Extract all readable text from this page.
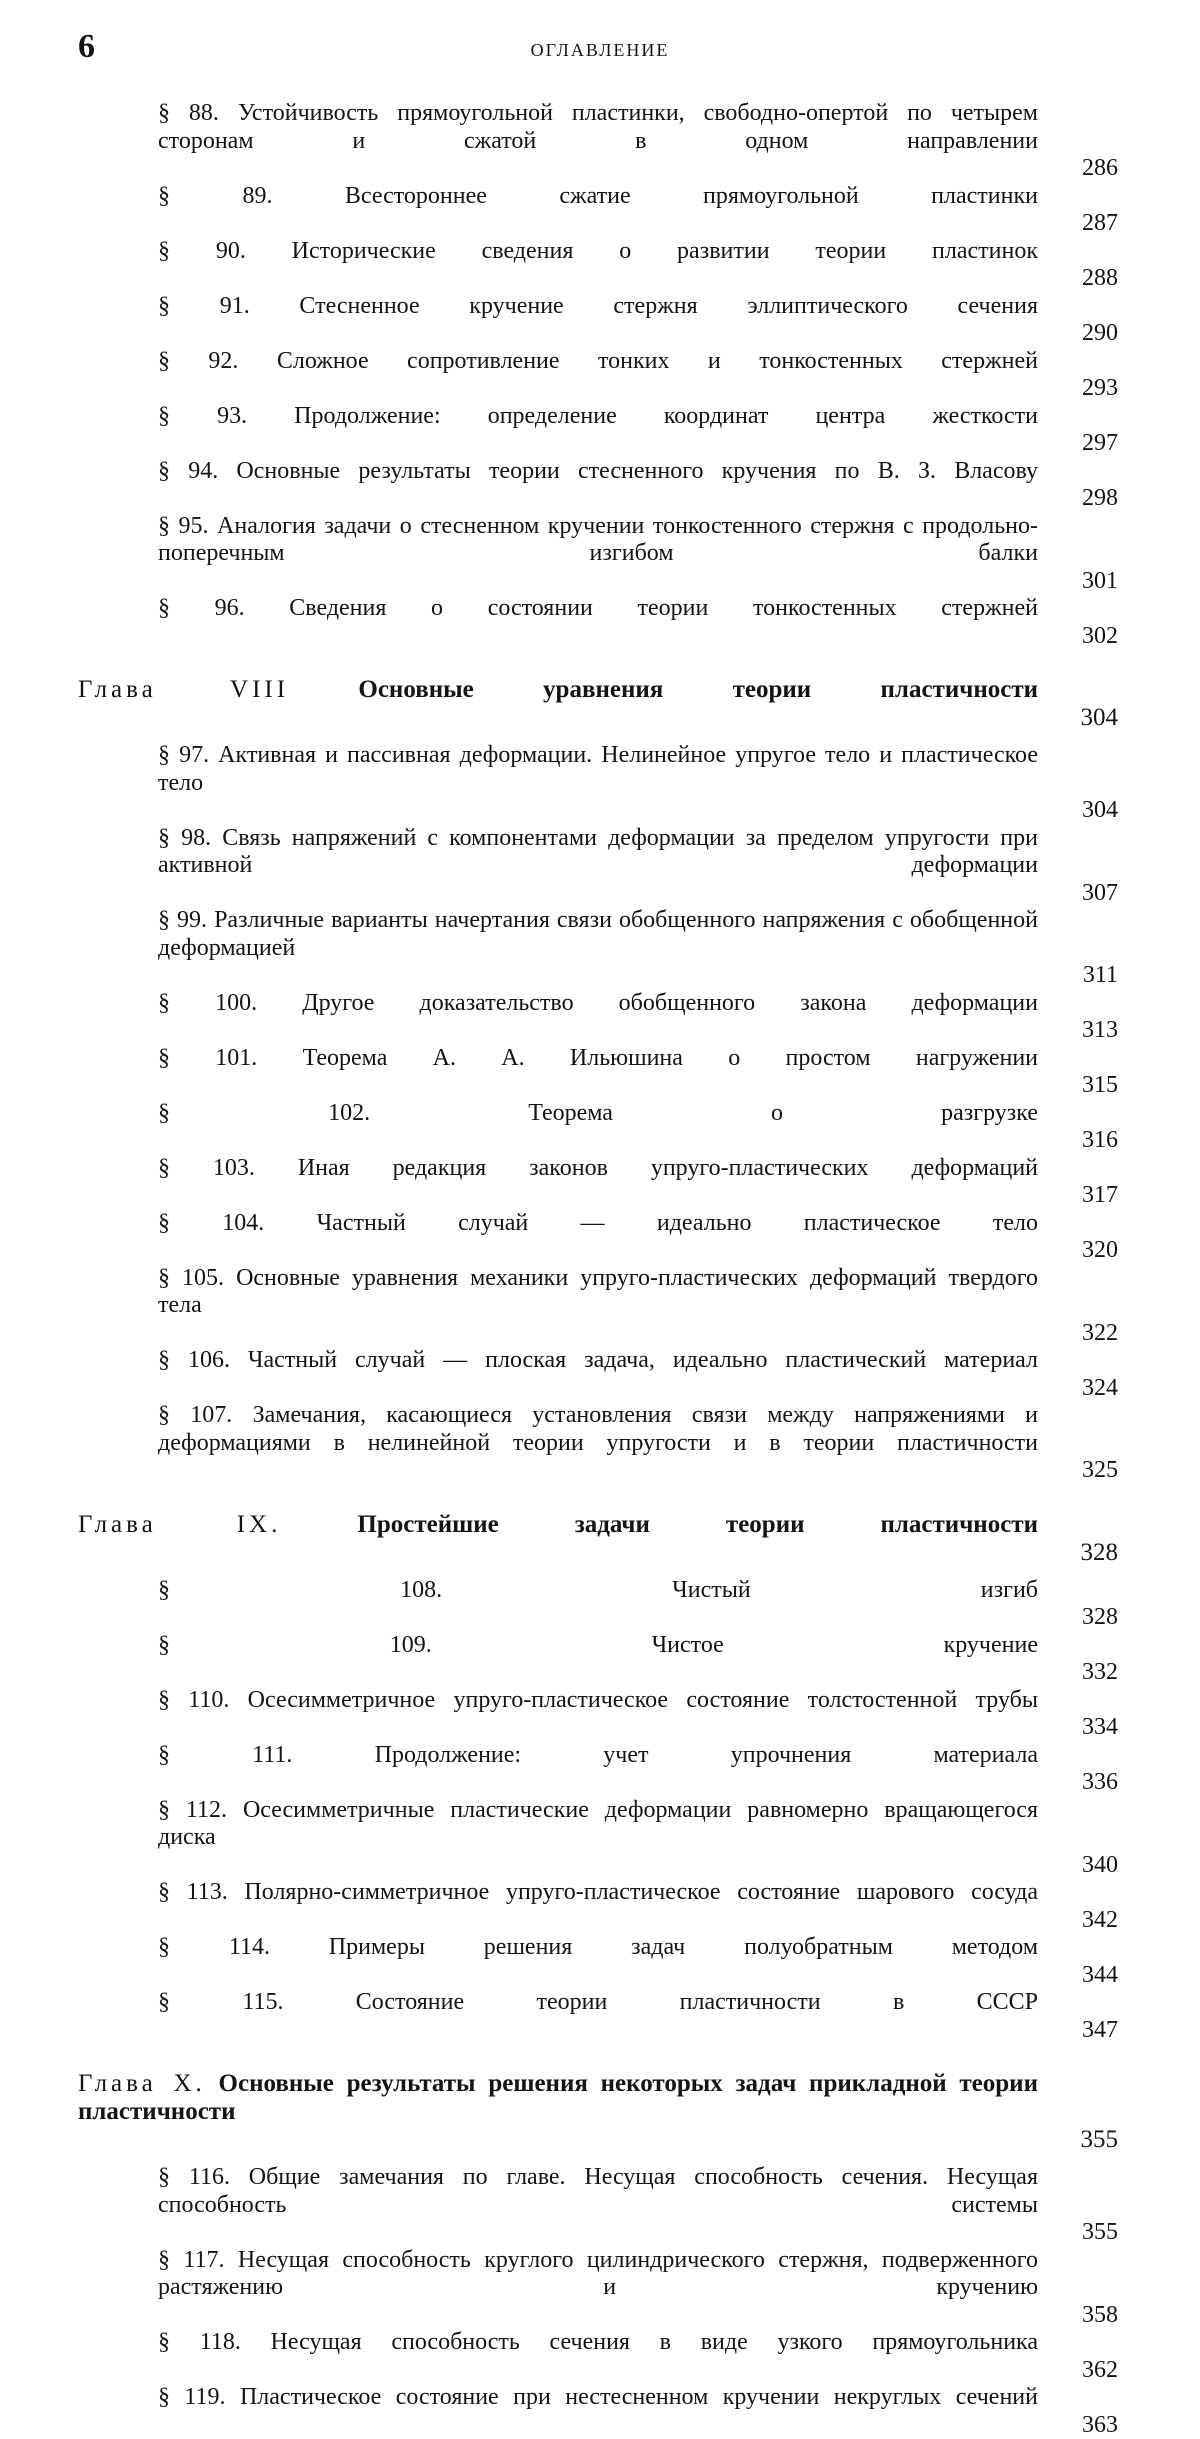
6	ОГЛАВЛЕНИЕ
§ 88. Устойчивость прямоугольной пластинки, свободно-опертой по четырем сторонам и сжатой в одном направлении
286
§ 89. Всестороннее сжатие прямоугольной пластинки
287
§ 90. Исторические сведения о развитии теории пластинок
288
§ 91. Стесненное кручение стержня эллиптического сечения
290
§ 92. Сложное сопротивление тонких и тонкостенных стержней
293
§ 93. Продолжение: определение координат центра жесткости
297
§ 94. Основные результаты теории стесненного кручения по В. З. Власову
298
§ 95. Аналогия задачи о стесненном кручении тонкостенного стержня с продольно-поперечным изгибом балки
301
§ 96. Сведения о состоянии теории тонкостенных стержней
302
Глава VIII	Основные уравнения теории пластичности
304
§ 97. Активная и пассивная деформации. Нелинейное упругое тело и пластическое тело
304
§ 98. Связь напряжений с компонентами деформации за пределом упругости при активной деформации
307
§ 99. Различные варианты начертания связи обобщенного напряжения с обобщенной деформацией
311
§ 100. Другое доказательство обобщенного закона деформации
313
§ 101. Теорема А. А. Ильюшина о простом нагружении
315
§ 102. Теорема о разгрузке
316
§ 103. Иная редакция законов упруго-пластических деформаций
317
§ 104. Частный случай — идеально пластическое тело
320
§ 105. Основные уравнения механики упруго-пластических деформаций твердого тела
322
§ 106. Частный случай — плоская задача, идеально пластический материал
324
§ 107. Замечания, касающиеся установления связи между напряжениями и деформациями в нелинейной теории упругости и в теории пластичности
325
Глава IX.	Простейшие задачи теории пластичности
328
§ 108. Чистый изгиб
328
§ 109. Чистое кручение
332
§ 110. Осесимметричное упруго-пластическое состояние толстостенной трубы
334
§ 111. Продолжение: учет упрочнения материала
336
§ 112. Осесимметричные пластические деформации равномерно вращающегося диска
340
§ 113. Полярно-симметричное упруго-пластическое состояние шарового сосуда
342
§ 114. Примеры решения задач полуобратным методом
344
§ 115. Состояние теории пластичности в СССР
347
Глава X. Основные результаты решения некоторых задач прикладной теории пластичности
355
§ 116. Общие замечания по главе. Несущая способность сечения. Несущая способность системы
355
§ 117. Несущая способность круглого цилиндрического стержня, подверженного растяжению и кручению
358
§ 118. Несущая способность сечения в виде узкого прямоугольника
362
§ 119. Пластическое состояние при нестесненном кручении некруглых сечений
363
